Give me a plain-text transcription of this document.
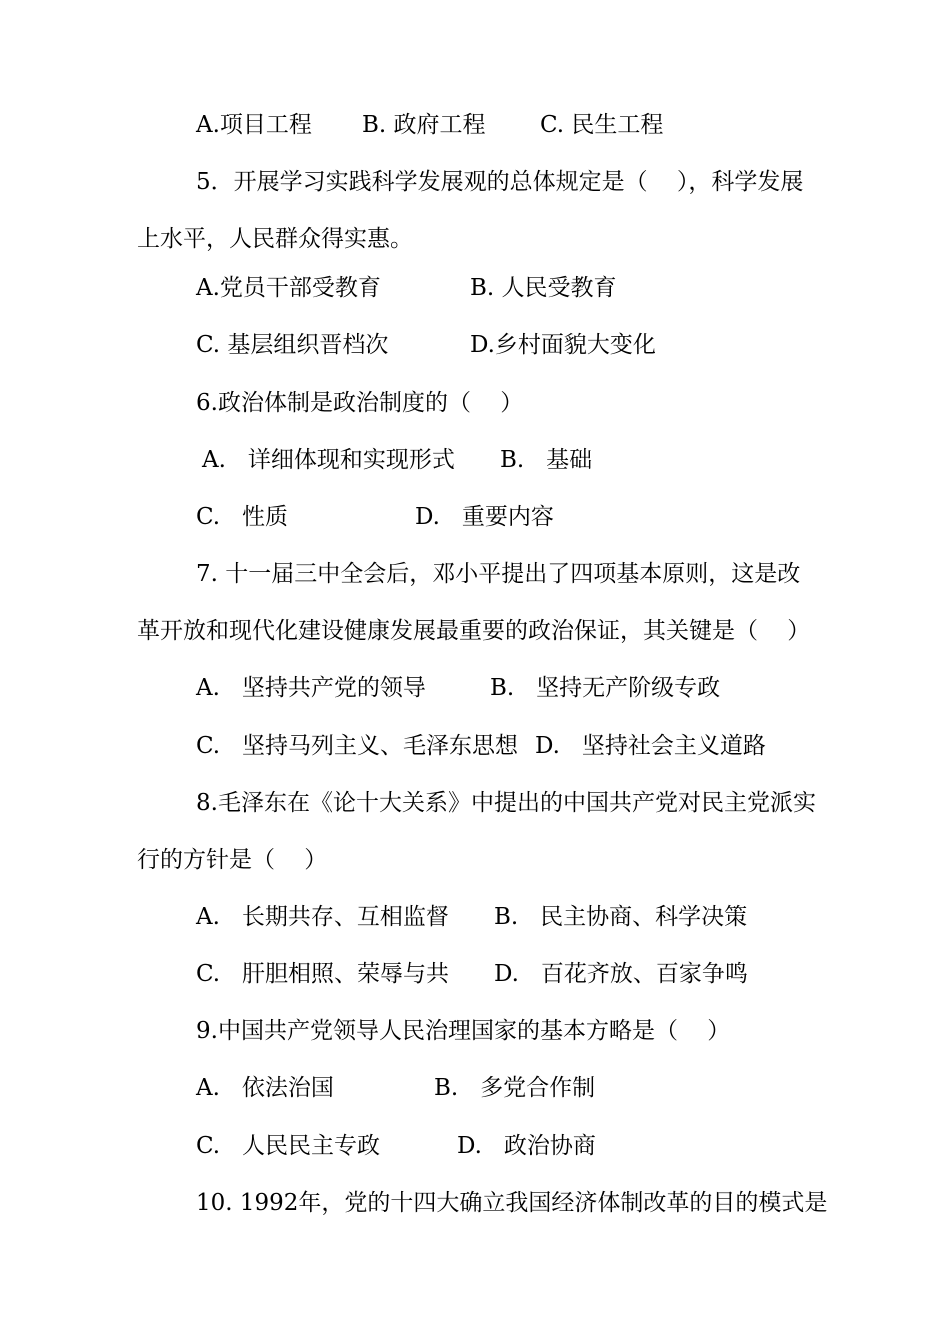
A.项目工程 B. 政府工程 C. 民生工程
5．开展学习实践科学发展观的总体规定是（    ），科学发展
上水平，人民群众得实惠。
A.党员干部受教育	B. 人民受教育
C. 基层组织晋档次	D.乡村面貌大变化
6.政治体制是政治制度的（    ）
A.   详细体现和实现形式 B.   基础
C.   性质	D.   重要内容
7. 十一届三中全会后，邓小平提出了四项基本原则，这是改
革开放和现代化建设健康发展最重要的政治保证，其关键是（    ）
A.   坚持共产党的领导	B.   坚持无产阶级专政
C.   坚持马列主义、毛泽东思想 D.   坚持社会主义道路
8.毛泽东在《论十大关系》中提出的中国共产党对民主党派实
行的方针是（    ）
A.   长期共存、互相监督 B.   民主协商、科学决策
C.   肝胆相照、荣辱与共 D.   百花齐放、百家争鸣
9.中国共产党领导人民治理国家的基本方略是（    ）
A.   依法治国	B.   多党合作制
C.   人民民主专政	D.   政治协商
10. 1992年，党的十四大确立我国经济体制改革的目的模式是
